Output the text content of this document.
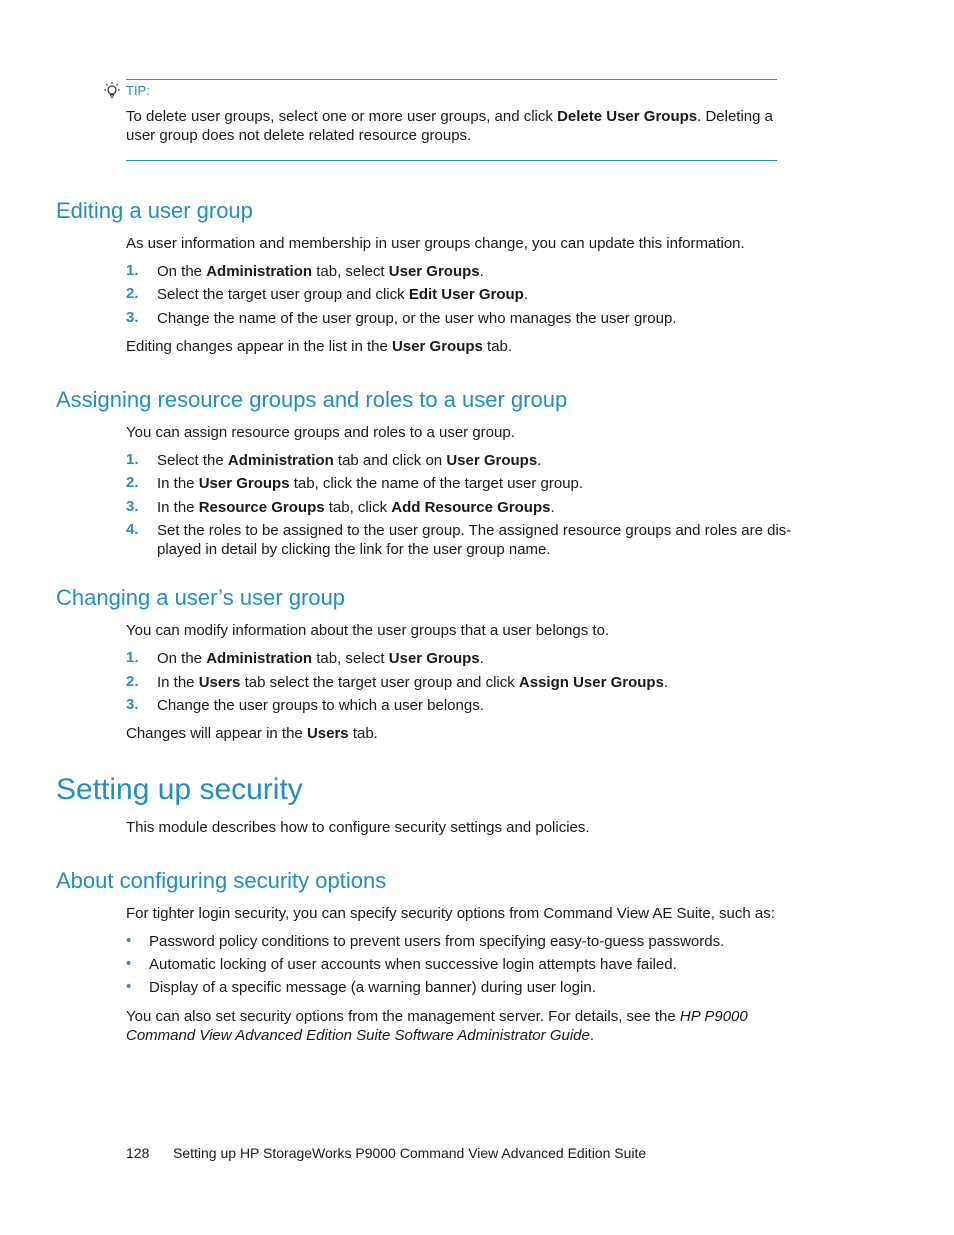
TIP:
To delete user groups, select one or more user groups, and click Delete User Groups. Deleting a user group does not delete related resource groups.
Editing a user group
As user information and membership in user groups change, you can update this information.
1. On the Administration tab, select User Groups.
2. Select the target user group and click Edit User Group.
3. Change the name of the user group, or the user who manages the user group.
Editing changes appear in the list in the User Groups tab.
Assigning resource groups and roles to a user group
You can assign resource groups and roles to a user group.
1. Select the Administration tab and click on User Groups.
2. In the User Groups tab, click the name of the target user group.
3. In the Resource Groups tab, click Add Resource Groups.
4. Set the roles to be assigned to the user group. The assigned resource groups and roles are dis-played in detail by clicking the link for the user group name.
Changing a user’s user group
You can modify information about the user groups that a user belongs to.
1. On the Administration tab, select User Groups.
2. In the Users tab select the target user group and click Assign User Groups.
3. Change the user groups to which a user belongs.
Changes will appear in the Users tab.
Setting up security
This module describes how to configure security settings and policies.
About configuring security options
For tighter login security, you can specify security options from Command View AE Suite, such as:
• Password policy conditions to prevent users from specifying easy-to-guess passwords.
• Automatic locking of user accounts when successive login attempts have failed.
• Display of a specific message (a warning banner) during user login.
You can also set security options from the management server. For details, see the HP P9000 Command View Advanced Edition Suite Software Administrator Guide.
128 Setting up HP StorageWorks P9000 Command View Advanced Edition Suite
